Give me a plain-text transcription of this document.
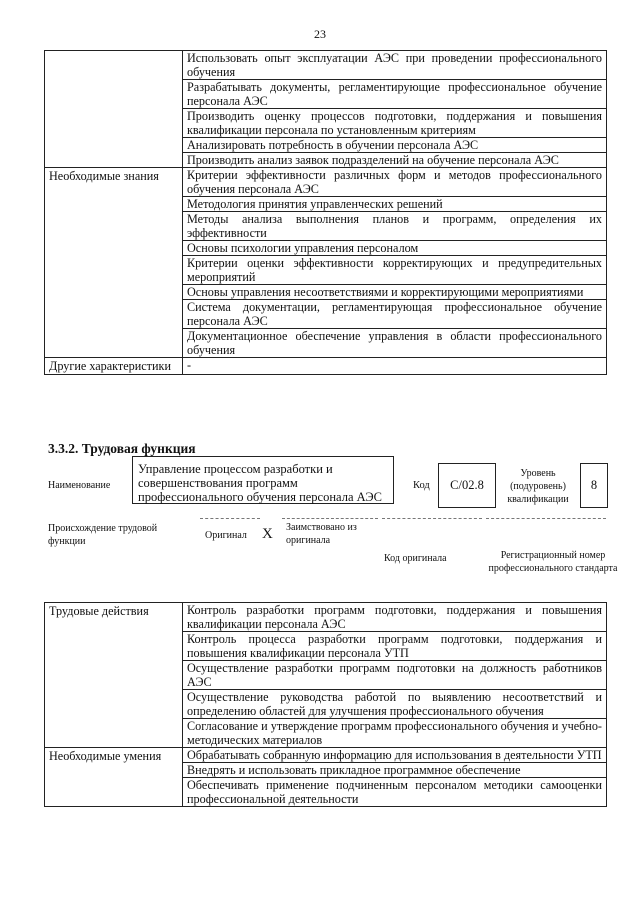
23
	Использовать опыт эксплуатации АЭС при проведении профессионального обучения
	Разрабатывать документы, регламентирующие профессиональное обучение персонала АЭС
	Производить оценку процессов подготовки, поддержания и повышения квалификации персонала по установленным критериям
	Анализировать потребность в обучении персонала АЭС
	Производить анализ заявок подразделений на обучение персонала АЭС
Необходимые знания	Критерии эффективности различных форм и методов профессионального обучения персонала АЭС
	Методология принятия управленческих решений
	Методы анализа выполнения планов и программ, определения их эффективности
	Основы психологии управления персоналом
	Критерии оценки эффективности корректирующих и предупредительных мероприятий
	Основы управления несоответствиями и корректирующими мероприятиями
	Система документации, регламентирующая профессиональное обучение персонала АЭС
	Документационное обеспечение управления в области профессионального обучения
Другие характеристики	-
3.3.2. Трудовая функция
Наименование
Управление процессом разработки и совершенствования программ профессионального обучения персонала АЭС
Код	C/02.8
Уровень (подуровень) квалификации
8
Происхождение трудовой функции
Оригинал X Заимствовано из оригинала
Код оригинала	Регистрационный номер профессионального стандарта
Трудовые действия	Контроль разработки программ подготовки, поддержания и повышения квалификации персонала АЭС
	Контроль процесса разработки программ подготовки, поддержания и повышения квалификации персонала УТП
	Осуществление разработки программ подготовки на должность работников АЭС
	Осуществление руководства работой по выявлению несоответствий и определению областей для улучшения профессионального обучения
	Согласование и утверждение программ профессионального обучения и учебно-методических материалов
Необходимые умения	Обрабатывать собранную информацию для использования в деятельности УТП
	Внедрять и использовать прикладное программное обеспечение
	Обеспечивать применение подчиненным персоналом методики самооценки профессиональной деятельности
